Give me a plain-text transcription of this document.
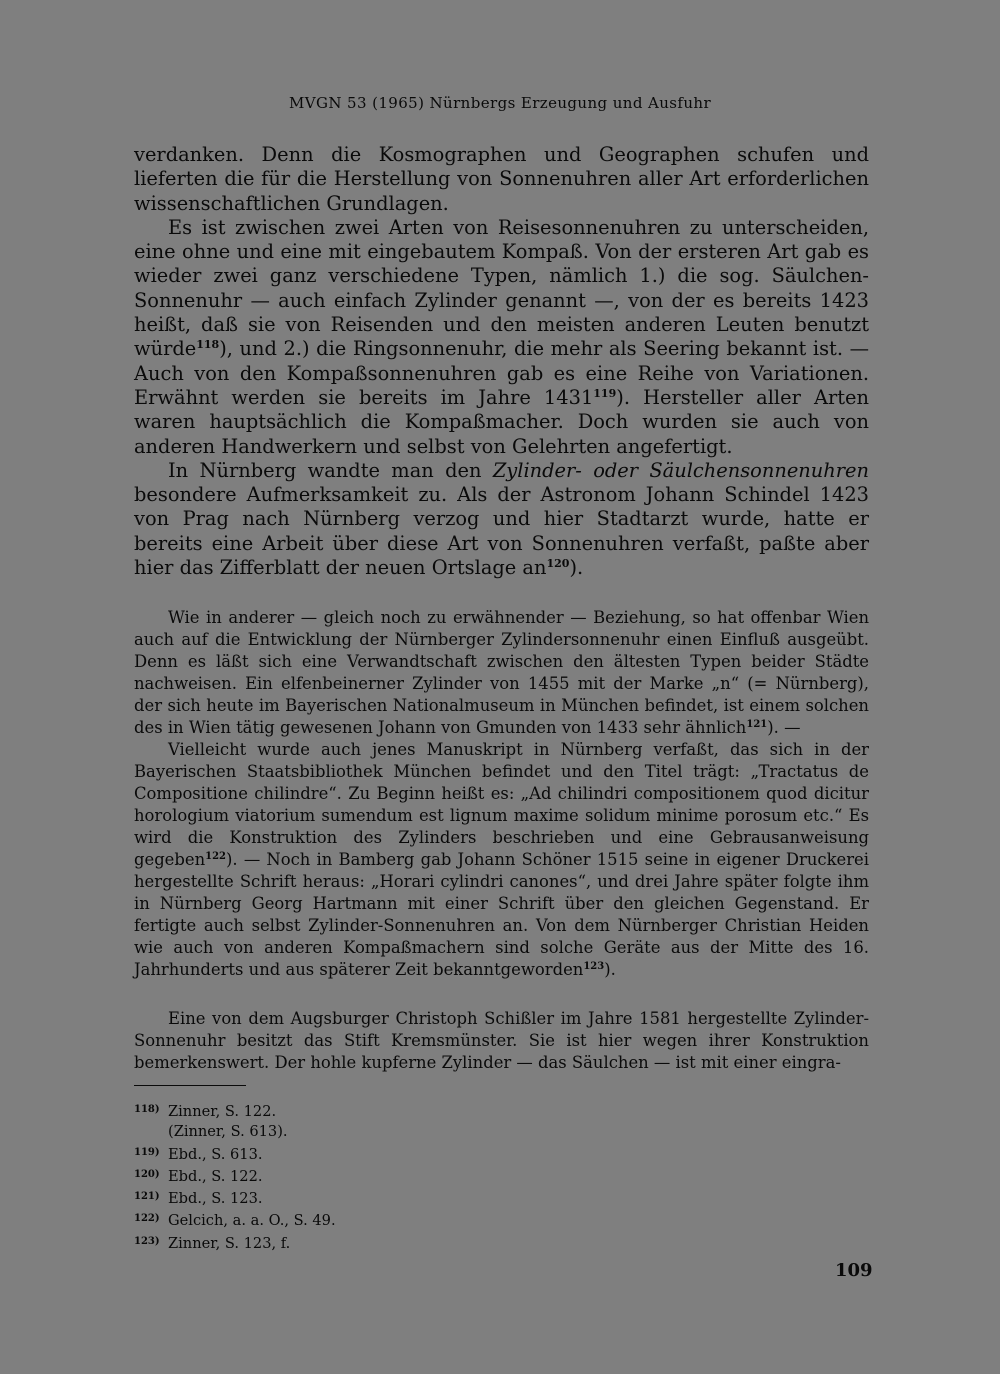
MVGN 53 (1965) Nürnbergs Erzeugung und Ausfuhr

verdanken. Denn die Kosmographen und Geographen schufen und lieferten die für die Herstellung von Sonnenuhren aller Art erforderlichen wissenschaftlichen Grundlagen.

Es ist zwischen zwei Arten von Reisesonnenuhren zu unterscheiden, eine ohne und eine mit eingebautem Kompaß. Von der ersteren Art gab es wieder zwei ganz verschiedene Typen, nämlich 1.) die sog. Säulchen-Sonnenuhr — auch einfach Zylinder genannt —, von der es bereits 1423 heißt, daß sie von Reisenden und den meisten anderen Leuten benutzt würde$^{118}$), und 2.) die Ringsonnenuhr, die mehr als Seering bekannt ist. — Auch von den Kompaßsonnenuhren gab es eine Reihe von Variationen. Erwähnt werden sie bereits im Jahre 1431$^{119}$). Hersteller aller Arten waren hauptsächlich die Kompaßmacher. Doch wurden sie auch von anderen Handwerkern und selbst von Gelehrten angefertigt.

In Nürnberg wandte man den Zylinder- oder Säulchensonnenuhren besondere Aufmerksamkeit zu. Als der Astronom Johann Schindel 1423 von Prag nach Nürnberg verzog und hier Stadtarzt wurde, hatte er bereits eine Arbeit über diese Art von Sonnenuhren verfaßt, paßte aber hier das Zifferblatt der neuen Ortslage $an^{120}$).

Wie in anderer — gleich noch zu erwähnender — Beziehung, so hat offenbar Wien auch auf die Entwicklung der Nürnberger Zylindersonnenuhr einen Einfluß ausgeübt. Denn es läßt sich eine Verwandtschaft zwischen den ältesten Typen beider Städte nachweisen. Ein elfenbeinerner Zylinder von 1455 mit der Marke „n“ (= Nürnberg), der sich heute im Bayerischen Nationalmuseum in München befindet, ist einem solchen des in Wien tätig gewesenen Johann von Gmunden von 1433 sehr ähnlich$^{121}$). —

Vielleicht wurde auch jenes Manuskript in Nürnberg verfaßt, das sich in der Bayerischen Staatsbibliothek München befindet und den Titel trägt: „Tractatus de Compositione chilindre“. Zu Beginn heißt es: „Ad chilindri compositionem quod dicitur horologium viatorium sumendum est lignum maxime solidum minime porosum etc.“ Es wird die Konstruktion des Zylinders beschrieben und eine Gebrausanweisung gegeben$^{122}$). — Noch in Bamberg gab Johann Schöner 1515 seine in eigener Druckerei hergestellte Schrift heraus: „Horari cylindri canones“, und drei Jahre später folgte ihm in Nürnberg Georg Hartmann mit einer Schrift über den gleichen Gegenstand. Er fertigte auch selbst Zylinder-Sonnenuhren an. Von dem Nürnberger Christian Heiden wie auch von anderen Kompaßmachern sind solche Geräte aus der Mitte des 16. Jahrhunderts und aus späterer Zeit bekanntgeworden$^{123}$).

Eine von dem Augsburger Christoph Schißler im Jahre 1581 hergestellte Zylinder-Sonnenuhr besitzt das Stift Kremsmünster. Sie ist hier wegen ihrer Konstruktion bemerkenswert. Der hohle kupferne Zylinder — das Säulchen — ist mit einer eingra-

118) Zinner, S. 122.
(Zinner, S. 613).
119) Ebd., S. 613.
120) Ebd., S. 122.
121) Ebd., S. 123.
122) Gelcich, a. a. O., S. 49.
123) Zinner, S. 123, f.
109
